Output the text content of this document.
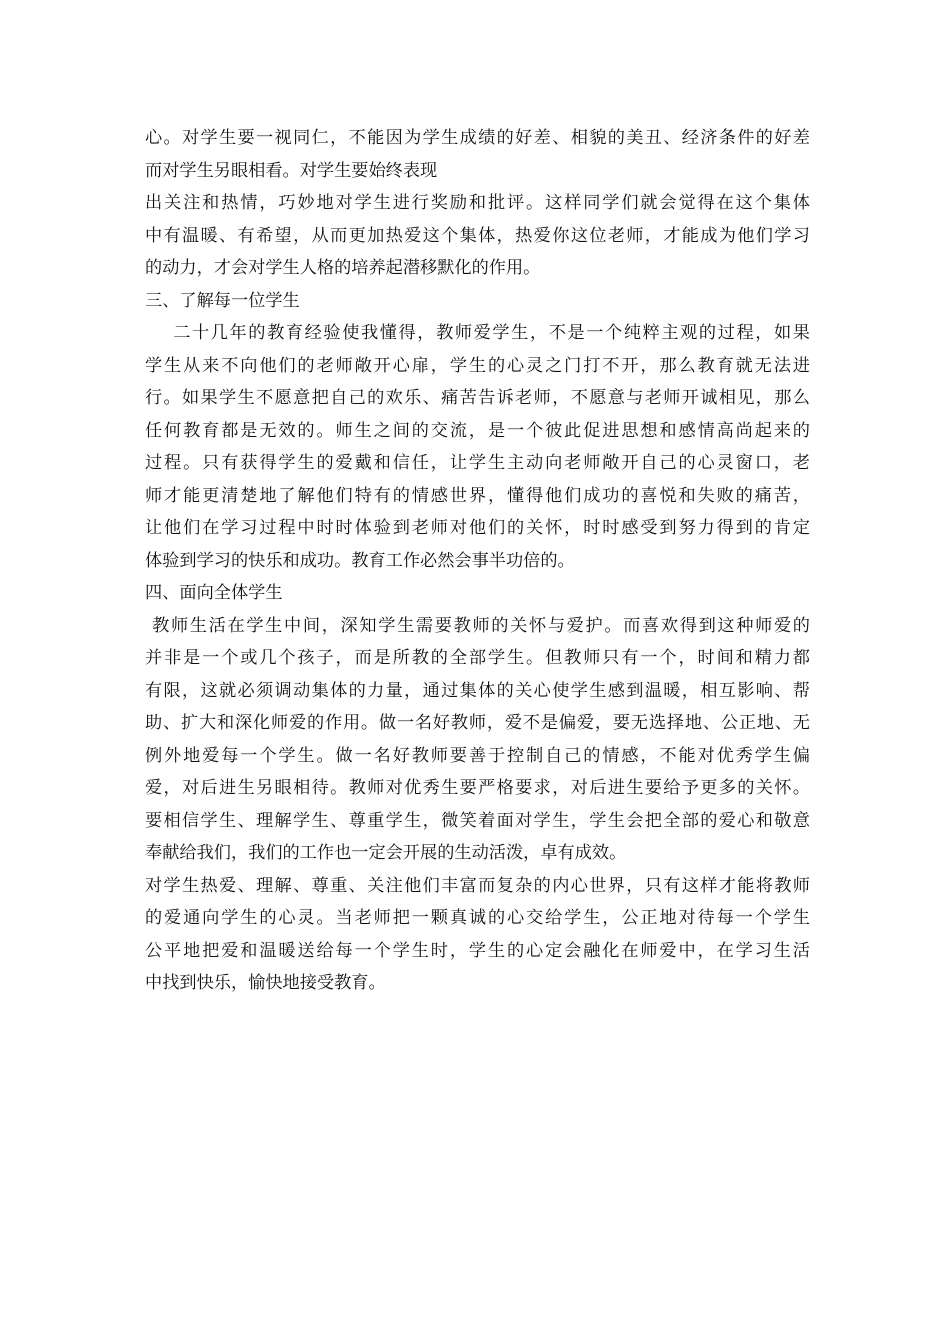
心。对学生要一视同仁，不能因为学生成绩的好差、相貌的美丑、经济条件的好差
而对学生另眼相看。对学生要始终表现
出关注和热情，巧妙地对学生进行奖励和批评。这样同学们就会觉得在这个集体
中有温暖、有希望，从而更加热爱这个集体，热爱你这位老师，才能成为他们学习
的动力，才会对学生人格的培养起潜移默化的作用。
三、了解每一位学生
二十几年的教育经验使我懂得，教师爱学生，不是一个纯粹主观的过程，如果
学生从来不向他们的老师敞开心扉，学生的心灵之门打不开，那么教育就无法进
行。如果学生不愿意把自己的欢乐、痛苦告诉老师，不愿意与老师开诚相见，那么
任何教育都是无效的。师生之间的交流，是一个彼此促进思想和感情高尚起来的
过程。只有获得学生的爱戴和信任，让学生主动向老师敞开自己的心灵窗口，老
师才能更清楚地了解他们特有的情感世界，懂得他们成功的喜悦和失败的痛苦，
让他们在学习过程中时时体验到老师对他们的关怀，时时感受到努力得到的肯定
体验到学习的快乐和成功。教育工作必然会事半功倍的。
四、面向全体学生
教师生活在学生中间，深知学生需要教师的关怀与爱护。而喜欢得到这种师爱的
并非是一个或几个孩子，而是所教的全部学生。但教师只有一个，时间和精力都
有限，这就必须调动集体的力量，通过集体的关心使学生感到温暖，相互影响、帮
助、扩大和深化师爱的作用。做一名好教师，爱不是偏爱，要无选择地、公正地、无
例外地爱每一个学生。做一名好教师要善于控制自己的情感，不能对优秀学生偏
爱，对后进生另眼相待。教师对优秀生要严格要求，对后进生要给予更多的关怀。
要相信学生、理解学生、尊重学生，微笑着面对学生，学生会把全部的爱心和敬意
奉献给我们，我们的工作也一定会开展的生动活泼，卓有成效。
对学生热爱、理解、尊重、关注他们丰富而复杂的内心世界，只有这样才能将教师
的爱通向学生的心灵。当老师把一颗真诚的心交给学生，公正地对待每一个学生
公平地把爱和温暖送给每一个学生时，学生的心定会融化在师爱中，在学习生活
中找到快乐，愉快地接受教育。
